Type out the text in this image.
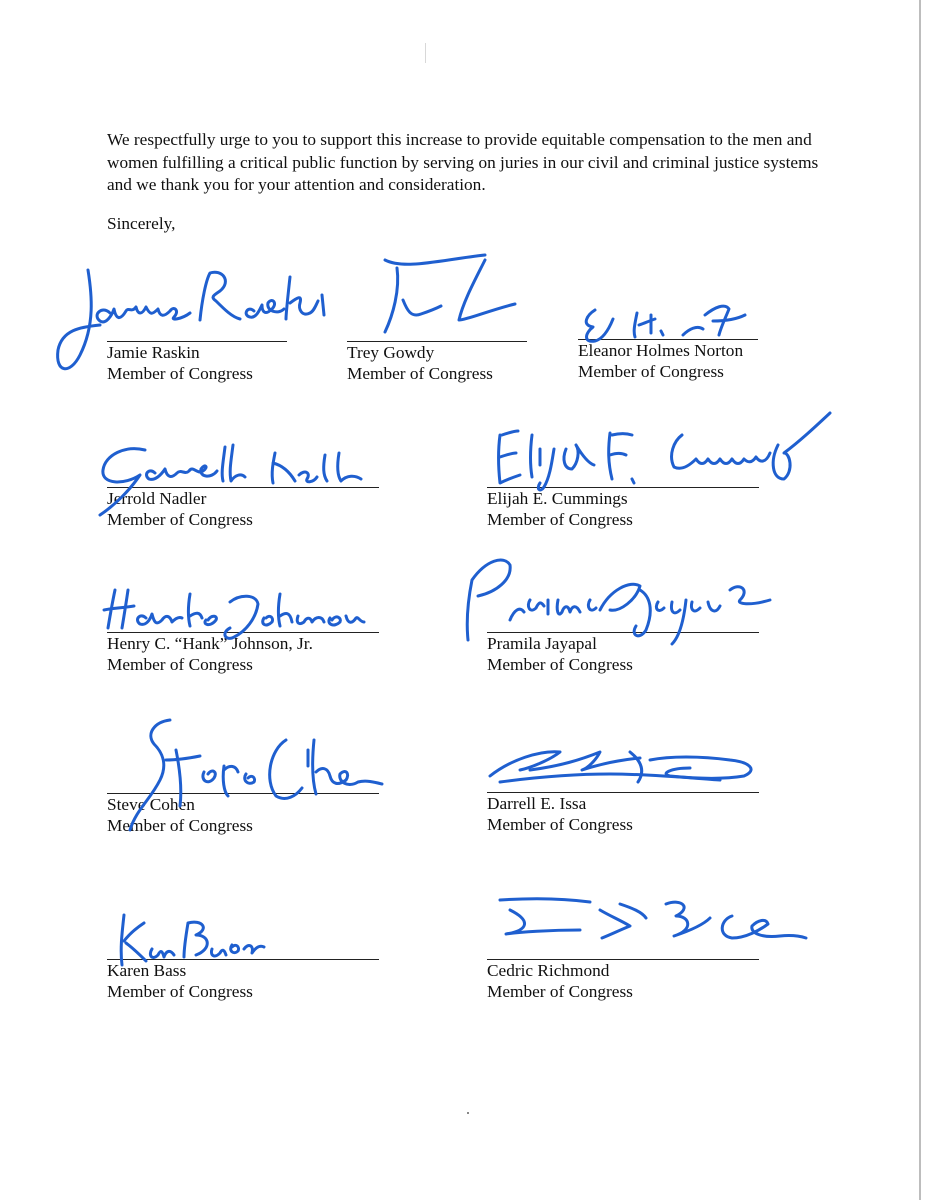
We respectfully urge to you to support this increase to provide equitable compensation to the men and women fulfilling a critical public function by serving on juries in our civil and criminal justice systems and we thank you for your attention and consideration.

Sincerely,
Jamie Raskin
Member of Congress
Trey Gowdy
Member of Congress
Eleanor Holmes Norton
Member of Congress
Jerrold Nadler
Member of Congress
Elijah E. Cummings
Member of Congress
Henry C. “Hank” Johnson, Jr.
Member of Congress
Pramila Jayapal
Member of Congress
Steve Cohen
Member of Congress
Darrell E. Issa
Member of Congress
Karen Bass
Member of Congress
Cedric Richmond
Member of Congress
